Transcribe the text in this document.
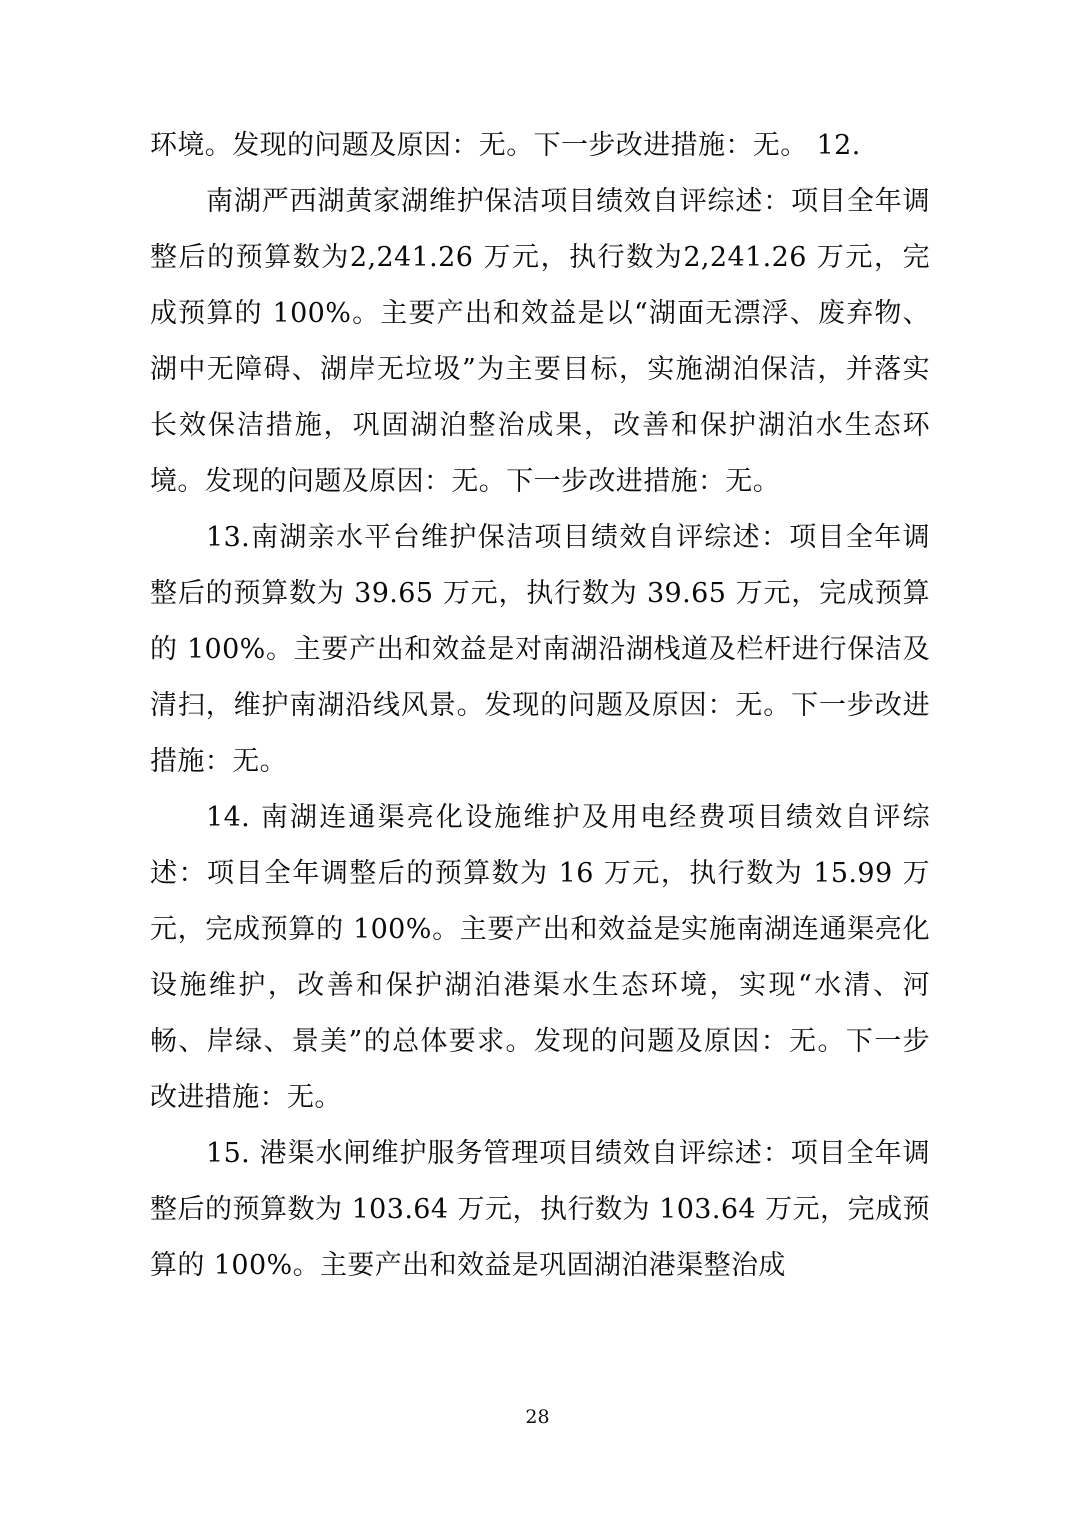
环境。发现的问题及原因：无。下一步改进措施：无。 12.

南湖严西湖黄家湖维护保洁项目绩效自评综述：项目全年调整后的预算数为2,241.26 万元，执行数为2,241.26 万元，完成预算的 100%。主要产出和效益是以“湖面无漂浮、废弃物、湖中无障碍、湖岸无垃圾”为主要目标，实施湖泊保洁，并落实长效保洁措施，巩固湖泊整治成果，改善和保护湖泊水生态环境。发现的问题及原因：无。下一步改进措施：无。

13.南湖亲水平台维护保洁项目绩效自评综述：项目全年调整后的预算数为 39.65 万元，执行数为 39.65 万元，完成预算的 100%。主要产出和效益是对南湖沿湖栈道及栏杆进行保洁及清扫，维护南湖沿线风景。发现的问题及原因：无。下一步改进措施：无。

14. 南湖连通渠亮化设施维护及用电经费项目绩效自评综述：项目全年调整后的预算数为 16 万元，执行数为 15.99 万元，完成预算的 100%。主要产出和效益是实施南湖连通渠亮化设施维护，改善和保护湖泊港渠水生态环境，实现“水清、河畅、岸绿、景美”的总体要求。发现的问题及原因：无。下一步改进措施：无。

15. 港渠水闸维护服务管理项目绩效自评综述：项目全年调整后的预算数为 103.64 万元，执行数为 103.64 万元，完成预算的 100%。主要产出和效益是巩固湖泊港渠整治成

28
